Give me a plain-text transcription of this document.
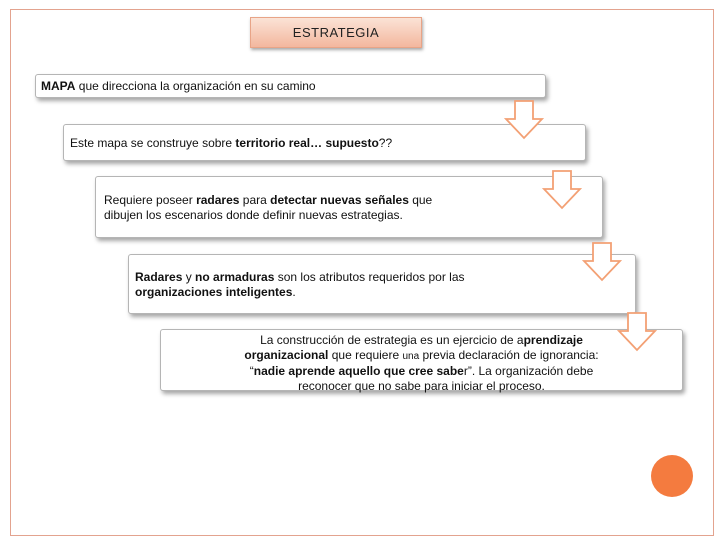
ESTRATEGIA
MAPA que direcciona la organización en su camino
Este mapa se construye sobre territorio real… supuesto??
Requiere poseer radares para detectar nuevas señales que
dibujen los escenarios donde definir nuevas estrategias.
Radares y no armaduras son los atributos requeridos por las
organizaciones inteligentes.
La construcción de estrategia es un ejercicio de aprendizaje
organizacional que requiere una previa declaración de ignorancia:
“nadie aprende aquello que cree saber”. La organización debe
reconocer que no sabe para iniciar el proceso.
